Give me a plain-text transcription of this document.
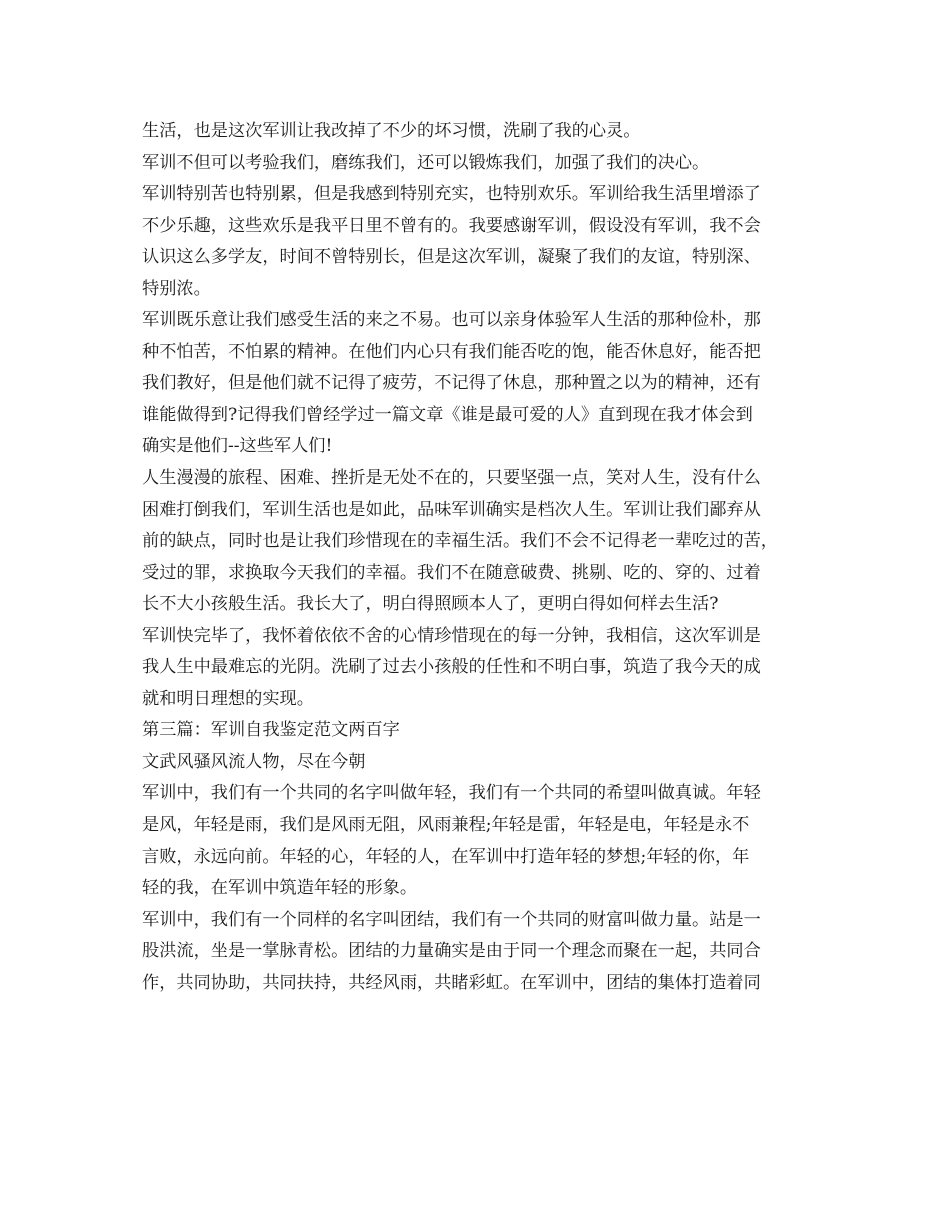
生活，也是这次军训让我改掉了不少的坏习惯，洗刷了我的心灵。
军训不但可以考验我们，磨练我们，还可以锻炼我们，加强了我们的决心。
军训特别苦也特别累，但是我感到特别充实，也特别欢乐。军训给我生活里增添了
不少乐趣，这些欢乐是我平日里不曾有的。我要感谢军训，假设没有军训，我不会
认识这么多学友，时间不曾特别长，但是这次军训，凝聚了我们的友谊，特别深、
特别浓。
军训既乐意让我们感受生活的来之不易。也可以亲身体验军人生活的那种俭朴，那
种不怕苦，不怕累的精神。在他们内心只有我们能否吃的饱，能否休息好，能否把
我们教好，但是他们就不记得了疲劳，不记得了休息，那种置之以为的精神，还有
谁能做得到?记得我们曾经学过一篇文章《谁是最可爱的人》直到现在我才体会到
确实是他们--这些军人们!
人生漫漫的旅程、困难、挫折是无处不在的，只要坚强一点，笑对人生，没有什么
困难打倒我们，军训生活也是如此，品味军训确实是档次人生。军训让我们鄙弃从
前的缺点，同时也是让我们珍惜现在的幸福生活。我们不会不记得老一辈吃过的苦，
受过的罪，求换取今天我们的幸福。我们不在随意破费、挑剔、吃的、穿的、过着
长不大小孩般生活。我长大了，明白得照顾本人了，更明白得如何样去生活?
军训快完毕了，我怀着依依不舍的心情珍惜现在的每一分钟，我相信，这次军训是
我人生中最难忘的光阴。洗刷了过去小孩般的任性和不明白事，筑造了我今天的成
就和明日理想的实现。
第三篇：军训自我鉴定范文两百字
文武风骚风流人物，尽在今朝
军训中，我们有一个共同的名字叫做年轻，我们有一个共同的希望叫做真诚。年轻
是风，年轻是雨，我们是风雨无阻，风雨兼程;年轻是雷，年轻是电，年轻是永不
言败，永远向前。年轻的心，年轻的人，在军训中打造年轻的梦想;年轻的你，年
轻的我，在军训中筑造年轻的形象。
军训中，我们有一个同样的名字叫团结，我们有一个共同的财富叫做力量。站是一
股洪流，坐是一掌脉青松。团结的力量确实是由于同一个理念而聚在一起，共同合
作，共同协助，共同扶持，共经风雨，共睹彩虹。在军训中，团结的集体打造着同
